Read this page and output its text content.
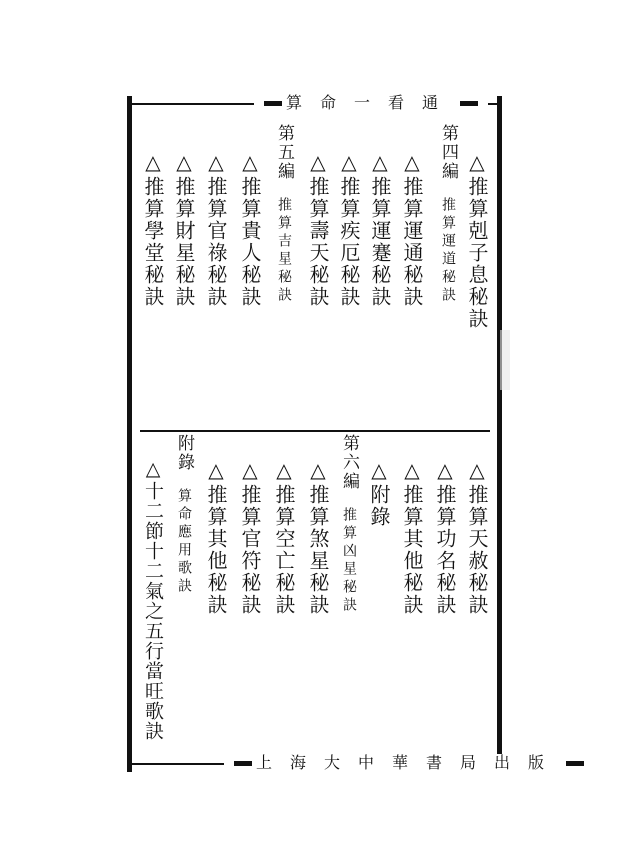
算命一看通
上海大中華書局出版
△推算剋子息秘訣
第四編推算運道秘訣
△推算運通秘訣
△推算運蹇秘訣
△推算疾厄秘訣
△推算壽天秘訣
第五編推算吉星秘訣
△推算貴人秘訣
△推算官祿秘訣
△推算財星秘訣
△推算學堂秘訣
△推算天赦秘訣
△推算功名秘訣
△推算其他秘訣
△附錄
第六編推算凶星秘訣
△推算煞星秘訣
△推算空亡秘訣
△推算官符秘訣
△推算其他秘訣
附錄算命應用歌訣
△十二節十二氣之五行當旺歌訣
